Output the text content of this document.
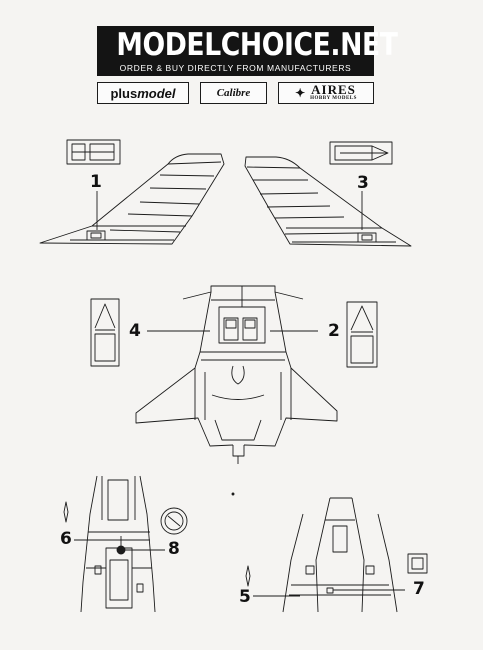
MODELCHOICE.NET
ORDER & BUY DIRECTLY FROM MANUFACTURERS
plus model	Calibre	✦ AIRES
HOBBY MODELS
1
2
3
4
5
6
7
8
